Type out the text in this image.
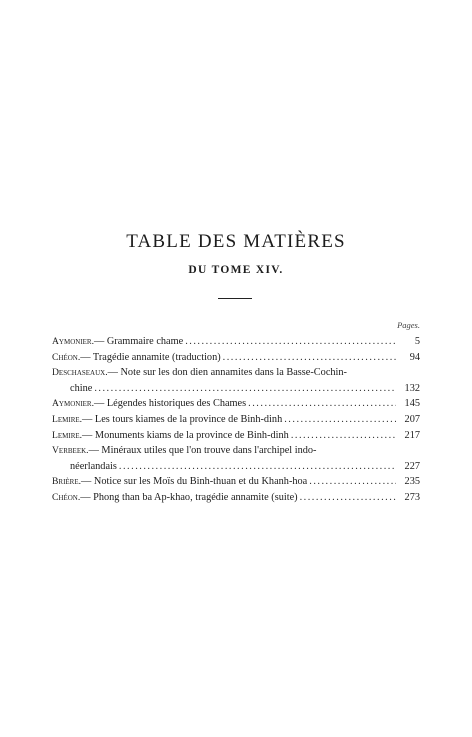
TABLE DES MATIÈRES
DU TOME XIV.
Pages.
Aymonier. — Grammaire chame .....	5
Chéon. — Tragédie annamite (traduction) .....	94
Deschaseaux. — Note sur les don dien annamites dans la Basse-Cochin-
chine .....	132
Aymonier. — Légendes historiques des Chames .....	145
Lemire. — Les tours kiames de la province de Binh-dinh .....	207
Lemire. — Monuments kiams de la province de Binh-dinh .....	217
Verbeek. — Minéraux utiles que l'on trouve dans l'archipel indo-
néerlandais .....	227
Brière. — Notice sur les Moïs du Binh-thuan et du Khanh-hoa .....	235
Chéon. — Phong than ba Ap-khao, tragédie annamite (suite) .....	273
